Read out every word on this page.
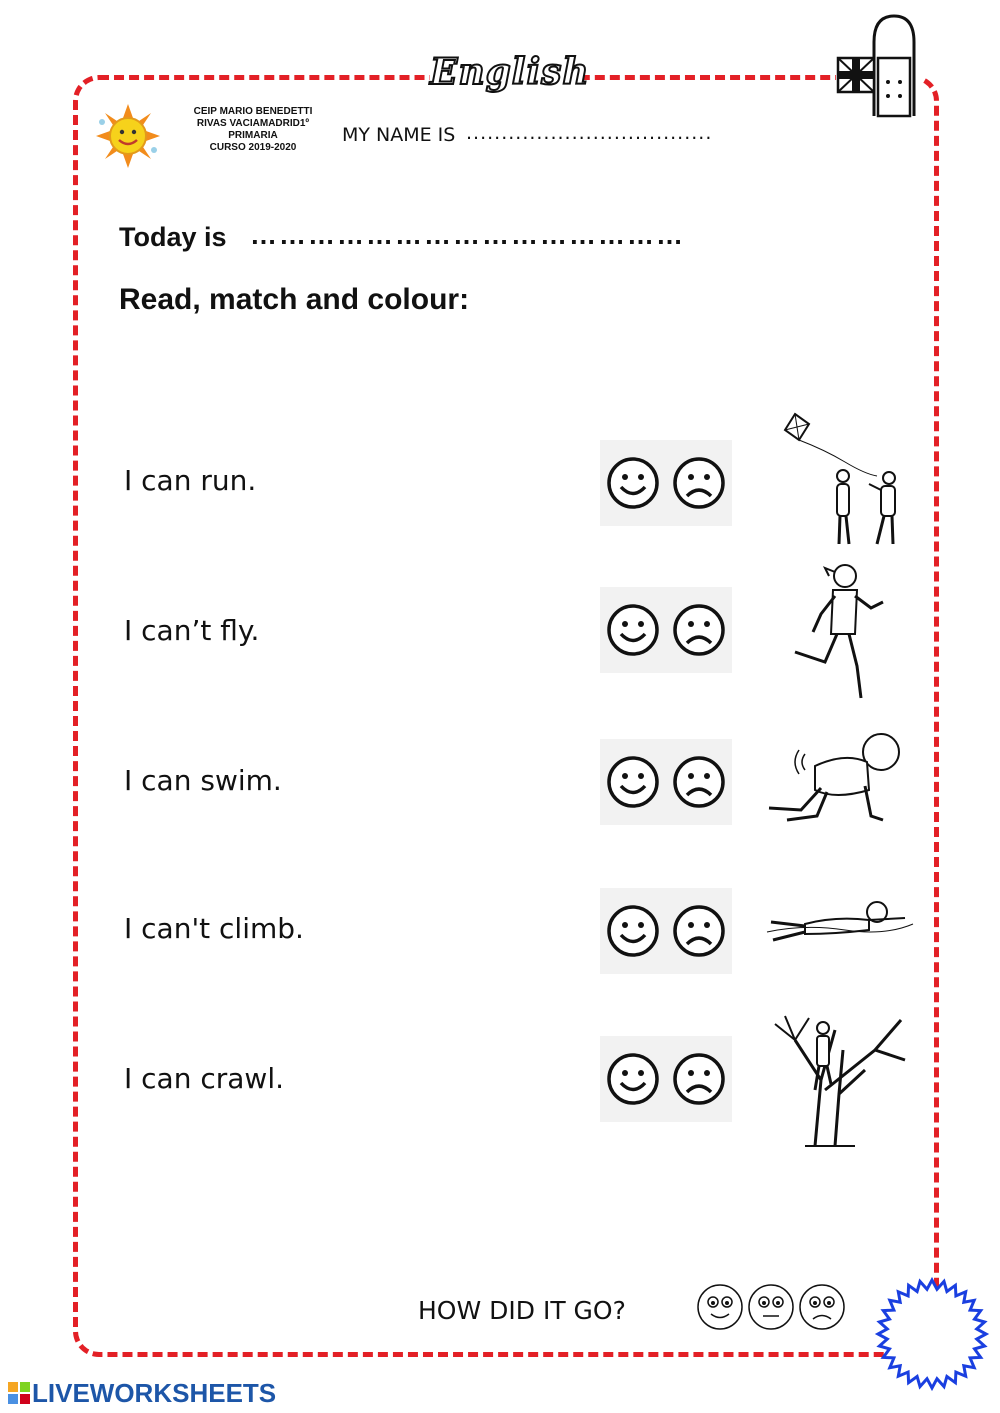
English
CEIP MARIO BENEDETTI
RIVAS VACIAMADRID1º
PRIMARIA
CURSO 2019-2020
MY NAME IS ...................................
Today is ………………………………………
Read, match and colour:
I can run.
I can’t fly.
I can swim.
I can't climb.
I can crawl.
HOW DID IT GO?
LIVEWORKSHEETS
